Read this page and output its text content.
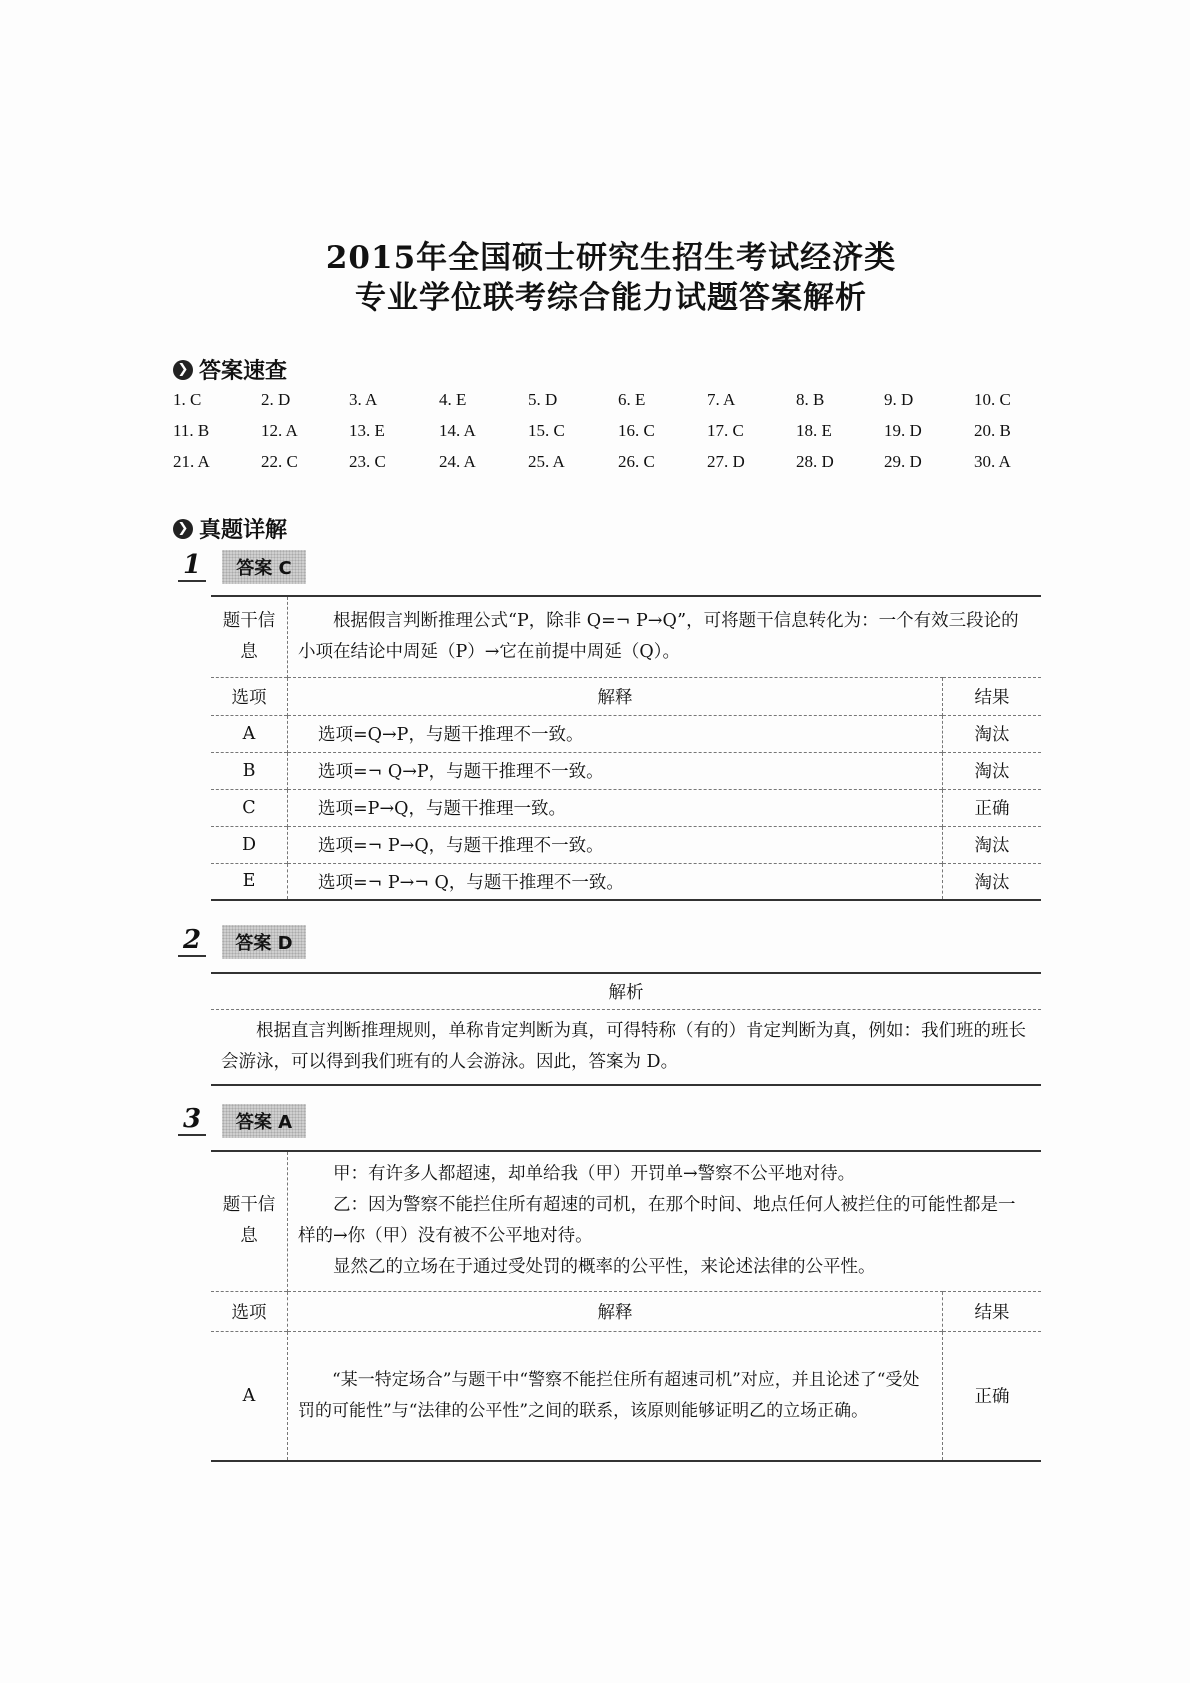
2015年全国硕士研究生招生考试经济类
专业学位联考综合能力试题答案解析
❯ 答案速查
1. C	2. D	3. A	4. E	5. D	6. E	7. A	8. B	9. D	10. C
11. B	12. A	13. E	14. A	15. C	16. C	17. C	18. E	19. D	20. B
21. A	22. C	23. C	24. A	25. A	26. C	27. D	28. D	29. D	30. A
❯ 真题详解
1	答案 C
题干信息	根据假言判断推理公式“P，除非 Q=¬ P→Q”，可将题干信息转化为：一个有效三段论的小项在结论中周延（P）→它在前提中周延（Q）。	
选项	解释	结果
A	选项=Q→P，与题干推理不一致。	淘汰
B	选项=¬ Q→P，与题干推理不一致。	淘汰
C	选项=P→Q，与题干推理一致。	正确
D	选项=¬ P→Q，与题干推理不一致。	淘汰
E	选项=¬ P→¬ Q，与题干推理不一致。	淘汰
2	答案 D
解析
根据直言判断推理规则，单称肯定判断为真，可得特称（有的）肯定判断为真，例如：我们班的班长会游泳，可以得到我们班有的人会游泳。因此，答案为 D。
3	答案 A
题干信息	甲：有许多人都超速，却单给我（甲）开罚单→警察不公平地对待。
乙：因为警察不能拦住所有超速的司机，在那个时间、地点任何人被拦住的可能性都是一样的→你（甲）没有被不公平地对待。
显然乙的立场在于通过受处罚的概率的公平性，来论述法律的公平性。	

选项	解释	结果
A	“某一特定场合”与题干中“警察不能拦住所有超速司机”对应，并且论述了“受处罚的可能性”与“法律的公平性”之间的联系，该原则能够证明乙的立场正确。	正确
